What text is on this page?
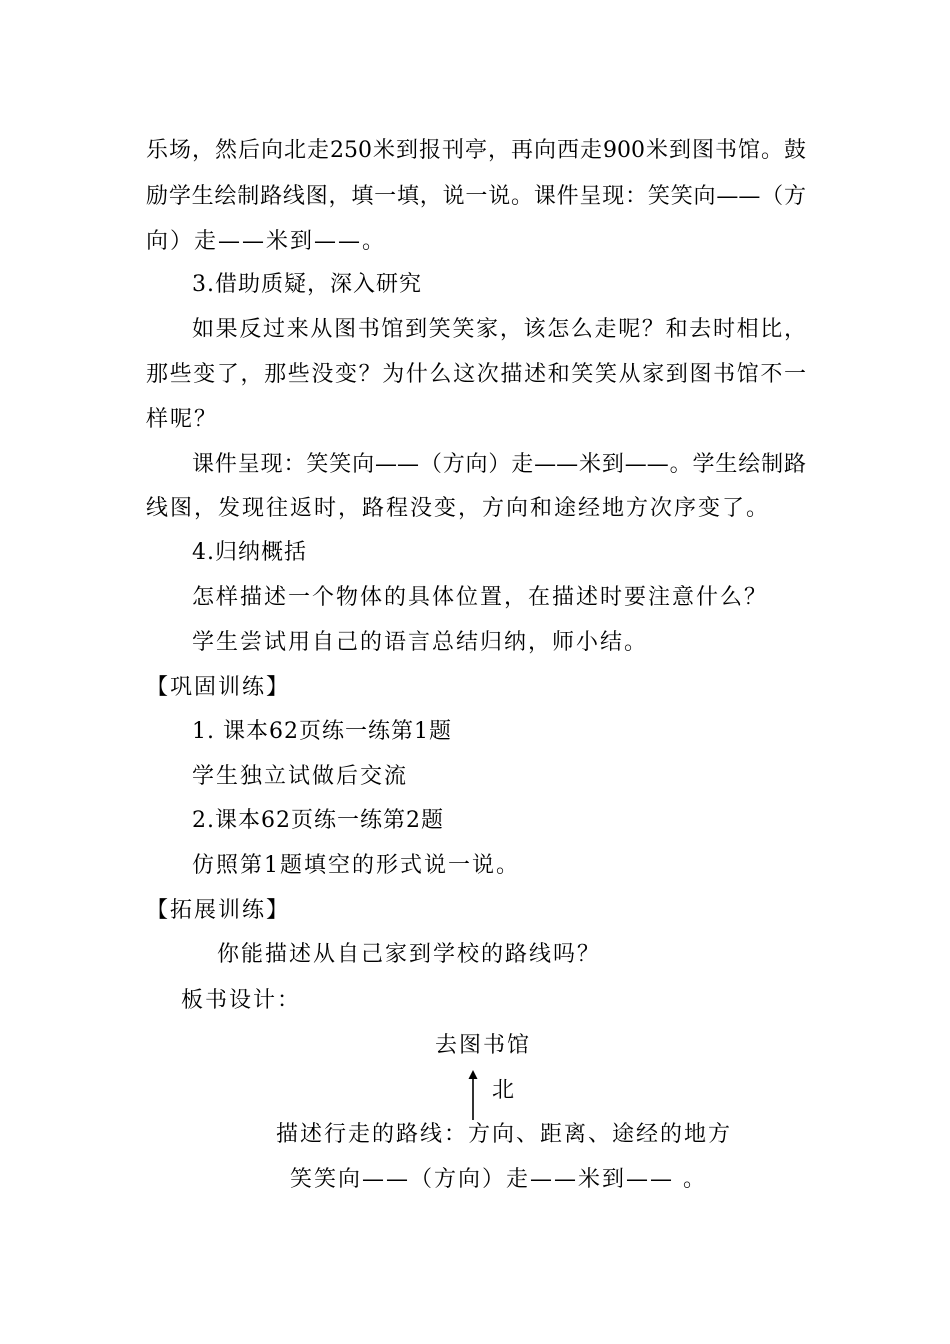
乐场，然后向北走250米到报刊亭，再向西走900米到图书馆。鼓
励学生绘制路线图，填一填，说一说。课件呈现：笑笑向——（方
向）走——米到——。
3.借助质疑，深入研究
如果反过来从图书馆到笑笑家，该怎么走呢？和去时相比，
那些变了，那些没变？为什么这次描述和笑笑从家到图书馆不一
样呢？
课件呈现：笑笑向——（方向）走——米到——。学生绘制路
线图，发现往返时，路程没变，方向和途经地方次序变了。
4.归纳概括
怎样描述一个物体的具体位置，在描述时要注意什么？
学生尝试用自己的语言总结归纳，师小结。
【巩固训练】
1. 课本62页练一练第1题
学生独立试做后交流
2.课本62页练一练第2题
仿照第1题填空的形式说一说。
【拓展训练】
你能描述从自己家到学校的路线吗？
板书设计：
去图书馆
北
描述行走的路线：方向、距离、途经的地方
笑笑向——（方向）走——米到—— 。
